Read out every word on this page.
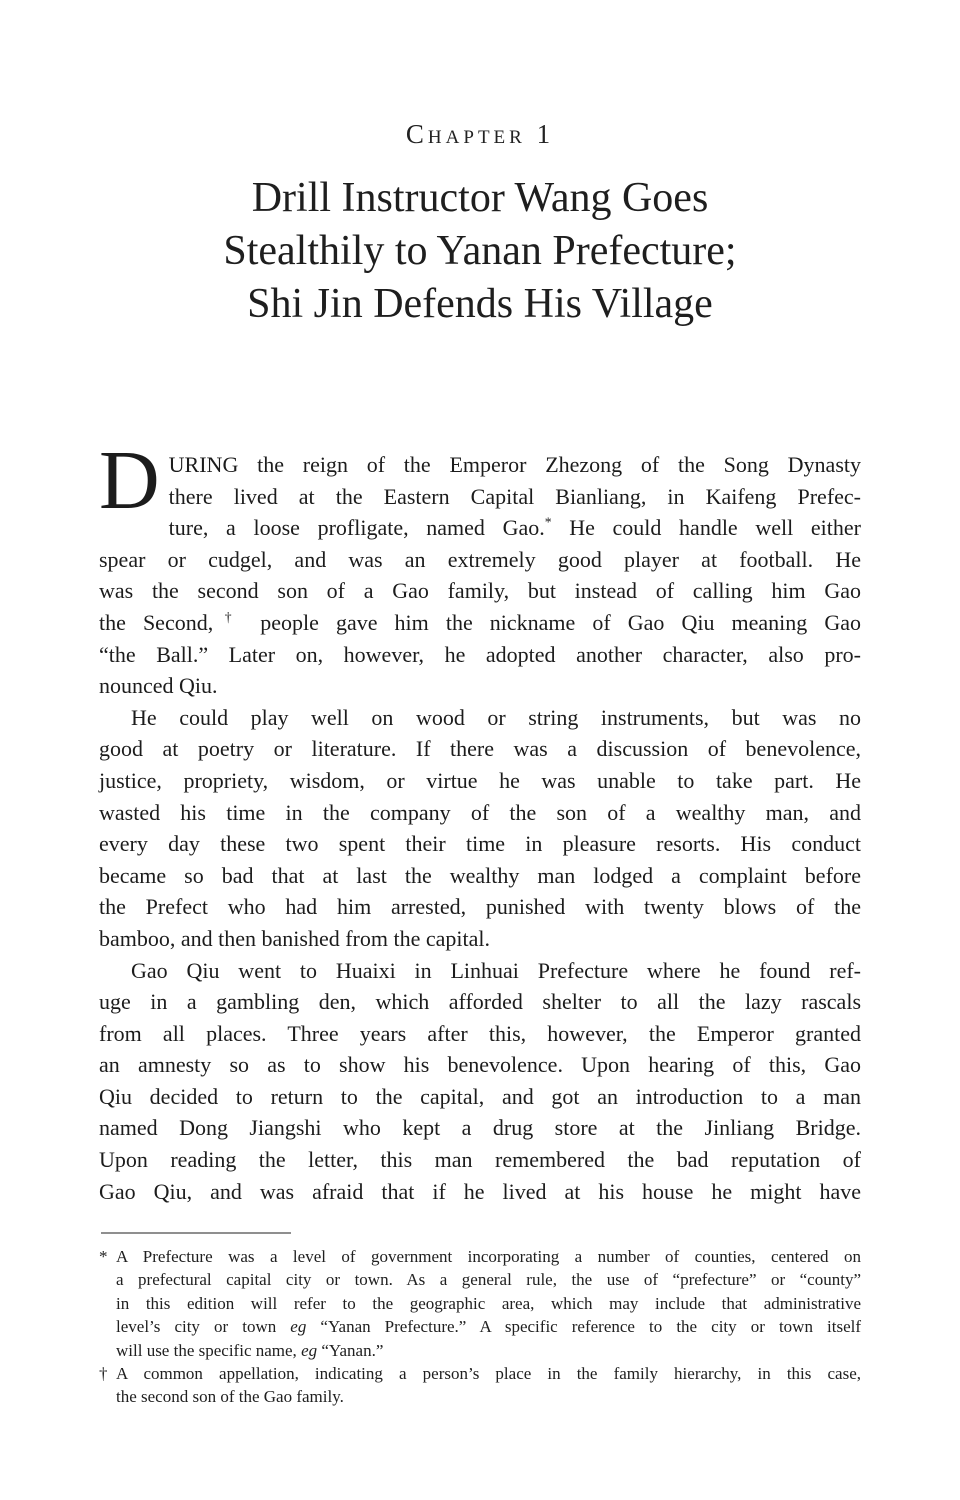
Chapter 1
Drill Instructor Wang Goes
Stealthily to Yanan Prefecture;
Shi Jin Defends His Village
D URING the reign of the Emperor Zhezong of the Song Dynasty
there lived at the Eastern Capital Bianliang, in Kaifeng Prefec-
ture, a loose profligate, named Gao.* He could handle well either
spear or cudgel, and was an extremely good player at football. He
was the second son of a Gao family, but instead of calling him Gao
the Second,† people gave him the nickname of Gao Qiu meaning Gao
“the Ball.” Later on, however, he adopted another character, also pro-
nounced Qiu.
He could play well on wood or string instruments, but was no
good at poetry or literature. If there was a discussion of benevolence,
justice, propriety, wisdom, or virtue he was unable to take part. He
wasted his time in the company of the son of a wealthy man, and
every day these two spent their time in pleasure resorts. His conduct
became so bad that at last the wealthy man lodged a complaint before
the Prefect who had him arrested, punished with twenty blows of the
bamboo, and then banished from the capital.
Gao Qiu went to Huaixi in Linhuai Prefecture where he found ref-
uge in a gambling den, which afforded shelter to all the lazy rascals
from all places. Three years after this, however, the Emperor granted
an amnesty so as to show his benevolence. Upon hearing of this, Gao
Qiu decided to return to the capital, and got an introduction to a man
named Dong Jiangshi who kept a drug store at the Jinliang Bridge.
Upon reading the letter, this man remembered the bad reputation of
Gao Qiu, and was afraid that if he lived at his house he might have
* A Prefecture was a level of government incorporating a number of counties, centered on
a prefectural capital city or town. As a general rule, the use of “prefecture” or “county”
in this edition will refer to the geographic area, which may include that administrative
level’s city or town eg “Yanan Prefecture.” A specific reference to the city or town itself
will use the specific name, eg “Yanan.”
† A common appellation, indicating a person’s place in the family hierarchy, in this case,
the second son of the Gao family.
